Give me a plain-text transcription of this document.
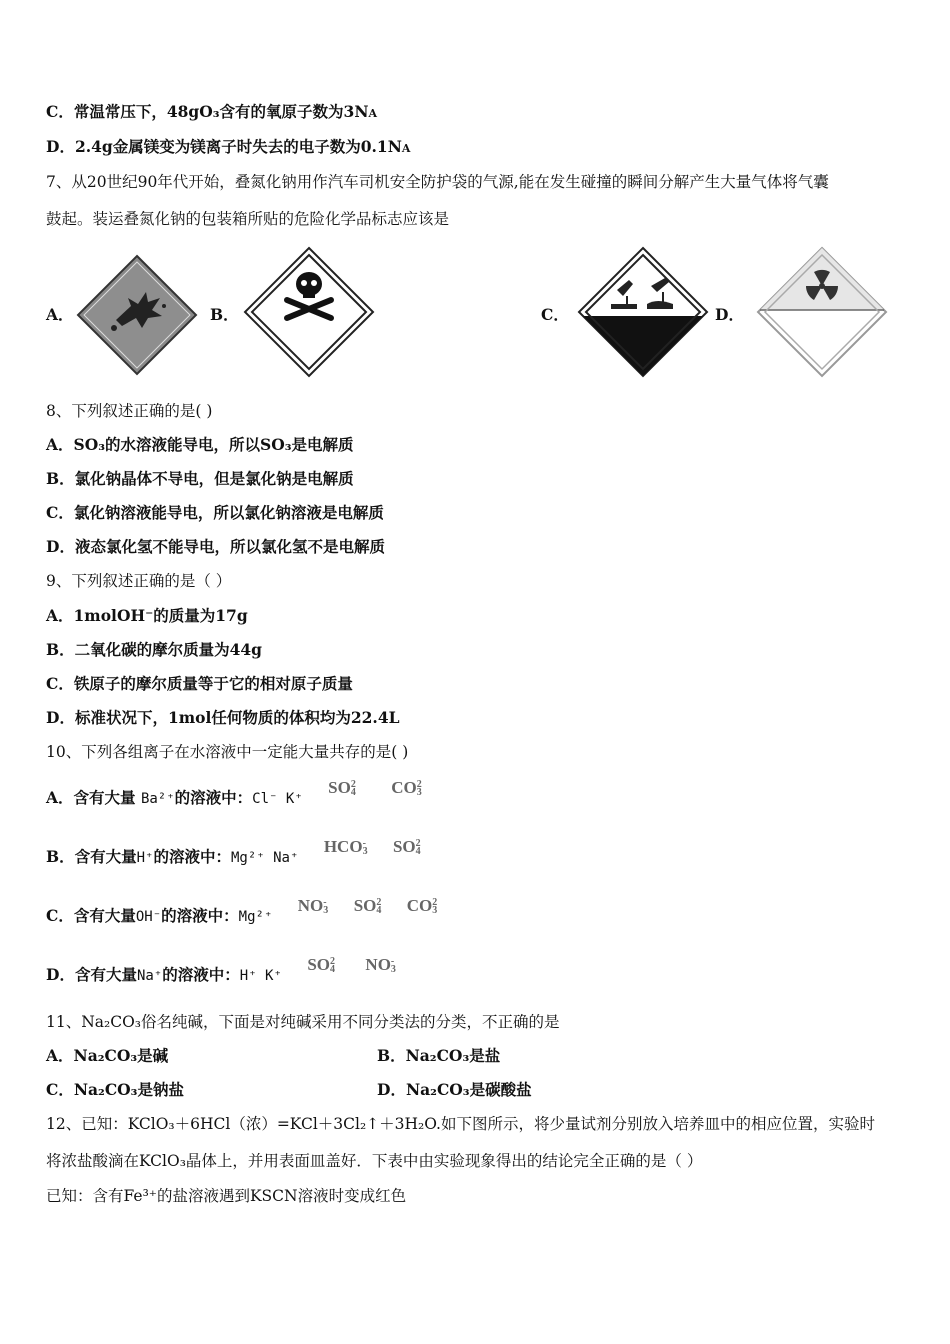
C．常温常压下，48gO₃含有的氧原子数为3NA
D．2.4g金属镁变为镁离子时失去的电子数为0.1NA
7、从20世纪90年代开始，叠氮化钠用作汽车司机安全防护袋的气源,能在发生碰撞的瞬间分解产生大量气体将气囊
鼓起。装运叠氮化钠的包装箱所贴的危险化学品标志应该是
A．	B．	C．	D．
8、下列叙述正确的是( )
A．SO₃的水溶液能导电，所以SO₃是电解质
B．氯化钠晶体不导电，但是氯化钠是电解质
C．氯化钠溶液能导电，所以氯化钠溶液是电解质
D．液态氯化氢不能导电，所以氯化氢不是电解质
9、下列叙述正确的是（ ）
A．1molOH⁻的质量为17g
B．二氧化碳的摩尔质量为44g
C．铁原子的摩尔质量等于它的相对原子质量
D．标准状况下，1mol任何物质的体积均为22.4L
10、下列各组离子在水溶液中一定能大量共存的是( )
A．含有大量 Ba²⁺的溶液中：Cl⁻ K⁺ SO 2
4 CO 2
3
B．含有大量H⁺的溶液中：Mg²⁺ Na⁺ HCO -
3 SO 2
4
C．含有大量OH⁻的溶液中：Mg²⁺ NO -
3 SO 2
4 CO 2
3
D．含有大量Na⁺的溶液中：H⁺ K⁺ SO 2
4 NO -
3
11、Na₂CO₃俗名纯碱，下面是对纯碱采用不同分类法的分类，不正确的是
A．Na₂CO₃是碱	B．Na₂CO₃是盐
C．Na₂CO₃是钠盐	D．Na₂CO₃是碳酸盐
12、已知：KClO₃＋6HCl（浓）=KCl＋3Cl₂↑＋3H₂O.如下图所示，将少量试剂分别放入培养皿中的相应位置，实验时
将浓盐酸滴在KClO₃晶体上，并用表面皿盖好．下表中由实验现象得出的结论完全正确的是（ ）
已知：含有Fe³⁺的盐溶液遇到KSCN溶液时变成红色
